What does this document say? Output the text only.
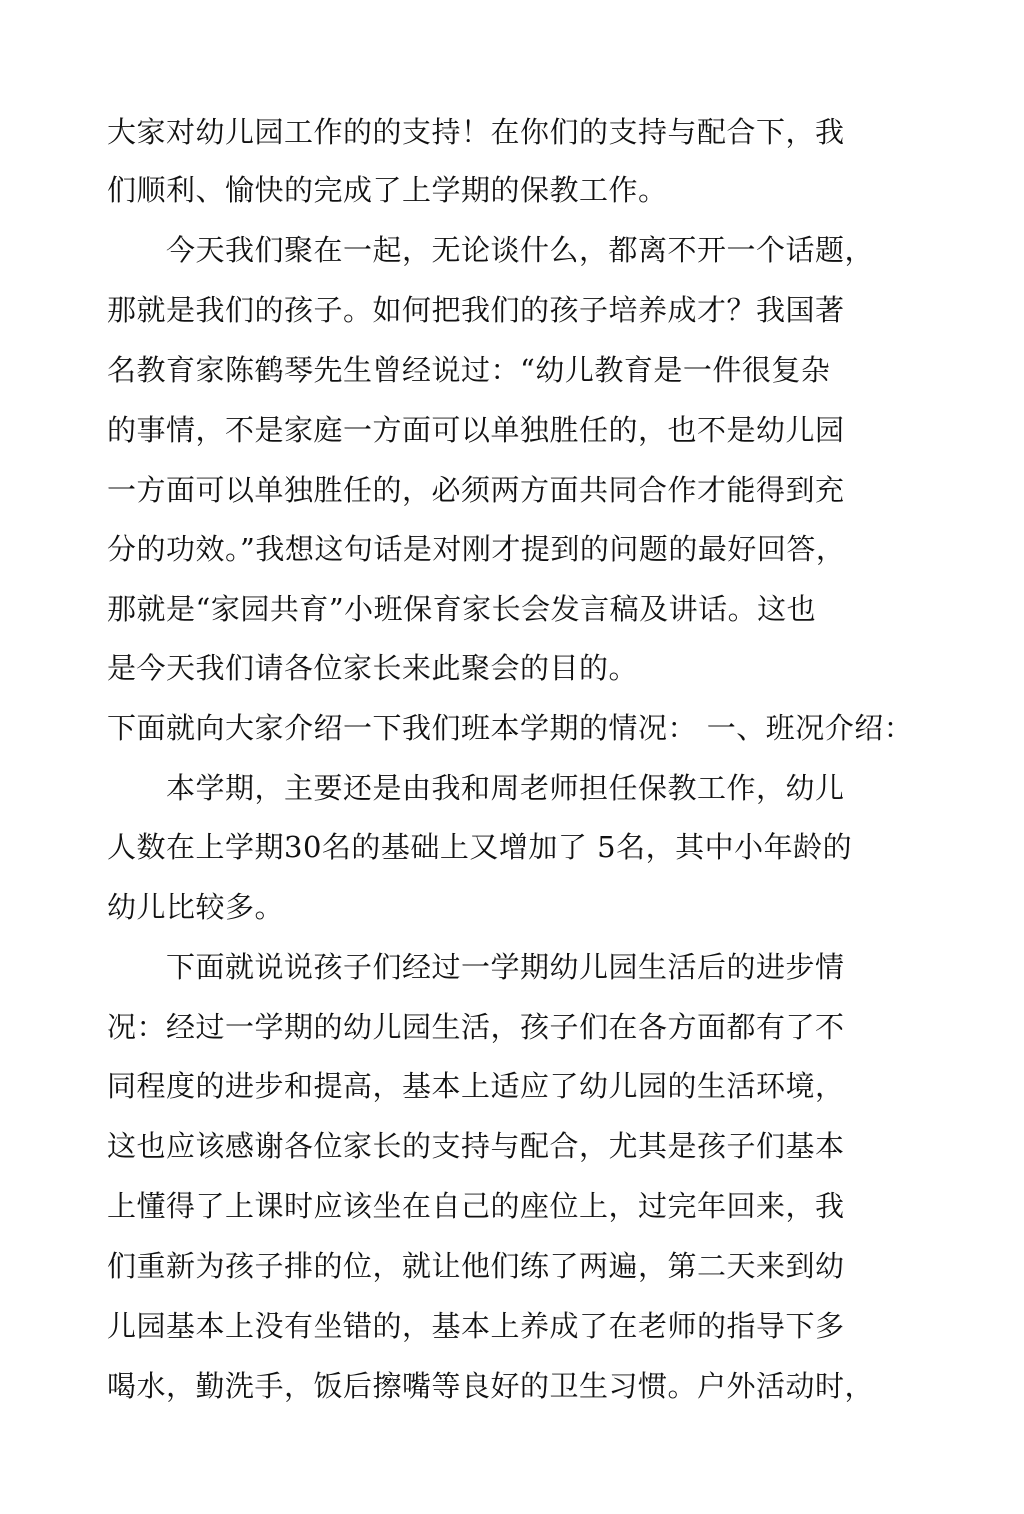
大家对幼儿园工作的的支持！在你们的支持与配合下，我
们顺利、愉快的完成了上学期的保教工作。
　　今天我们聚在一起，无论谈什么，都离不开一个话题，
那就是我们的孩子。如何把我们的孩子培养成才？我国著
名教育家陈鹤琴先生曾经说过：“幼儿教育是一件很复杂
的事情，不是家庭一方面可以单独胜任的，也不是幼儿园
一方面可以单独胜任的，必须两方面共同合作才能得到充
分的功效。”我想这句话是对刚才提到的问题的最好回答，
那就是“家园共育”小班保育家长会发言稿及讲话。这也
是今天我们请各位家长来此聚会的目的。
下面就向大家介绍一下我们班本学期的情况： 一、班况介绍：
　　本学期，主要还是由我和周老师担任保教工作，幼儿
人数在上学期30名的基础上又增加了 5名，其中小年龄的
幼儿比较多。
　　下面就说说孩子们经过一学期幼儿园生活后的进步情
况：经过一学期的幼儿园生活，孩子们在各方面都有了不
同程度的进步和提高，基本上适应了幼儿园的生活环境，
这也应该感谢各位家长的支持与配合，尤其是孩子们基本
上懂得了上课时应该坐在自己的座位上，过完年回来，我
们重新为孩子排的位，就让他们练了两遍，第二天来到幼
儿园基本上没有坐错的，基本上养成了在老师的指导下多
喝水，勤洗手，饭后擦嘴等良好的卫生习惯。户外活动时，
